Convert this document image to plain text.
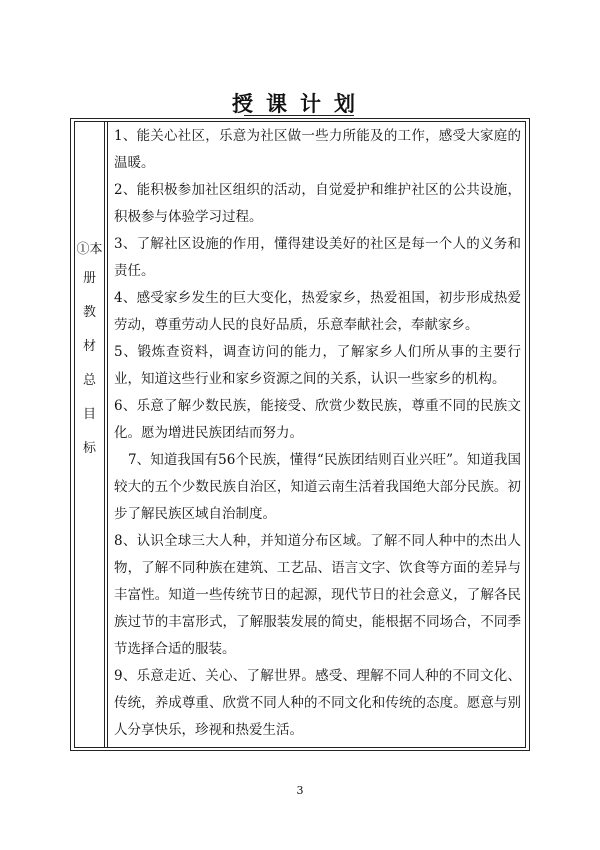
授课计划
①本
册
教
材
总
目
标

1、能关心社区，乐意为社区做一些力所能及的工作，感受大家庭的温暖。

2、能积极参加社区组织的活动，自觉爱护和维护社区的公共设施，积极参与体验学习过程。

3、了解社区设施的作用，懂得建设美好的社区是每一个人的义务和责任。

4、感受家乡发生的巨大变化，热爱家乡，热爱祖国，初步形成热爱劳动，尊重劳动人民的良好品质，乐意奉献社会，奉献家乡。

5、锻炼查资料，调查访问的能力，了解家乡人们所从事的主要行业，知道这些行业和家乡资源之间的关系，认识一些家乡的机构。

6、乐意了解少数民族，能接受、欣赏少数民族，尊重不同的民族文化。愿为增进民族团结而努力。

7、知道我国有56个民族，懂得“民族团结则百业兴旺”。知道我国较大的五个少数民族自治区，知道云南生活着我国绝大部分民族。初步了解民族区域自治制度。

8、认识全球三大人种，并知道分布区域。了解不同人种中的杰出人物，了解不同种族在建筑、工艺品、语言文字、饮食等方面的差异与丰富性。知道一些传统节日的起源，现代节日的社会意义，了解各民族过节的丰富形式，了解服装发展的简史，能根据不同场合，不同季节选择合适的服装。

9、乐意走近、关心、了解世界。感受、理解不同人种的不同文化、传统，养成尊重、欣赏不同人种的不同文化和传统的态度。愿意与别人分享快乐，珍视和热爱生活。

3
